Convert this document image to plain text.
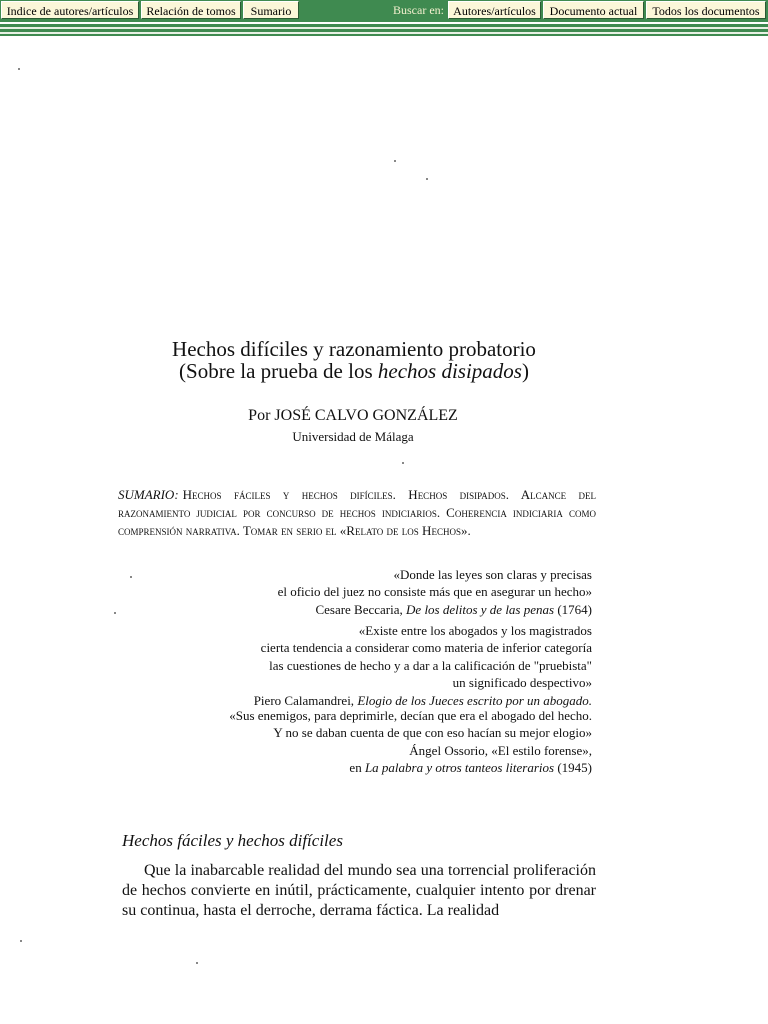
Indice de autores/artículos	Relación de tomos	Sumario	Buscar en: Autores/artículos	Documento actual	Todos los documentos
Hechos difíciles y razonamiento probatorio
(Sobre la prueba de los hechos disipados)
Por JOSÉ CALVO GONZÁLEZ
Universidad de Málaga
SUMARIO: Hechos fáciles y hechos difíciles. Hechos disipados. Alcance del razonamiento judicial por concurso de hechos indiciarios. Coherencia indiciaria como comprensión narrativa. Tomar en serio el «Relato de los Hechos».
«Donde las leyes son claras y precisas
el oficio del juez no consiste más que en asegurar un hecho»
Cesare Beccaria, De los delitos y de las penas (1764)
«Existe entre los abogados y los magistrados
cierta tendencia a considerar como materia de inferior categoría
las cuestiones de hecho y a dar a la calificación de "pruebista"
un significado despectivo»
Piero Calamandrei, Elogio de los Jueces escrito por un abogado.
«Sus enemigos, para deprimirle, decían que era el abogado del hecho.
Y no se daban cuenta de que con eso hacían su mejor elogio»
Ángel Ossorio, «El estilo forense»,
en La palabra y otros tanteos literarios (1945)
Hechos fáciles y hechos difíciles
Que la inabarcable realidad del mundo sea una torrencial proliferación de hechos convierte en inútil, prácticamente, cualquier intento por drenar su continua, hasta el derroche, derrama fáctica. La realidad
